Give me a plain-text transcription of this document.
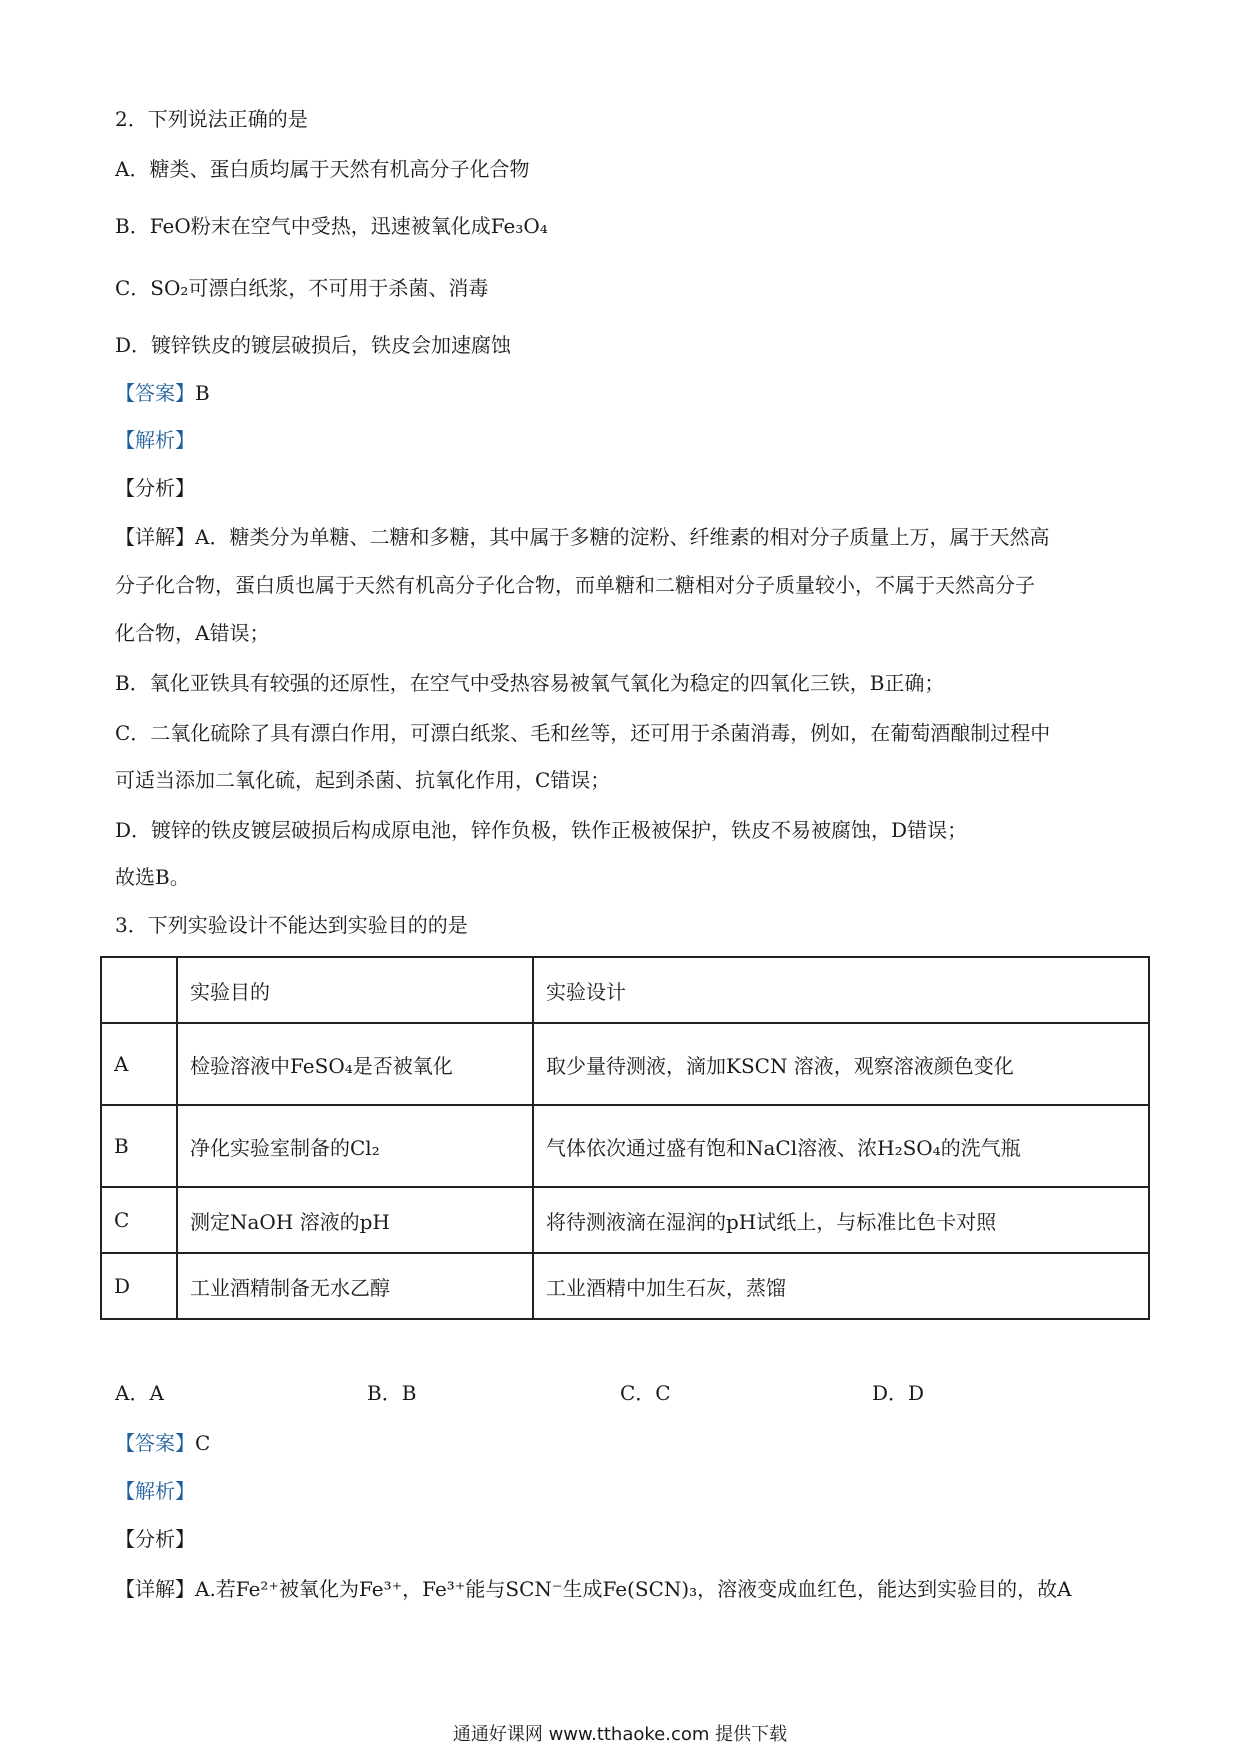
2．下列说法正确的是
A．糖类、蛋白质均属于天然有机高分子化合物
B．FeO粉末在空气中受热，迅速被氧化成Fe₃O₄
C．SO₂可漂白纸浆，不可用于杀菌、消毒
D．镀锌铁皮的镀层破损后，铁皮会加速腐蚀
【答案】B
【解析】
【分析】
【详解】A．糖类分为单糖、二糖和多糖，其中属于多糖的淀粉、纤维素的相对分子质量上万，属于天然高
分子化合物，蛋白质也属于天然有机高分子化合物，而单糖和二糖相对分子质量较小，不属于天然高分子
化合物，A错误；
B．氧化亚铁具有较强的还原性，在空气中受热容易被氧气氧化为稳定的四氧化三铁，B正确；
C．二氧化硫除了具有漂白作用，可漂白纸浆、毛和丝等，还可用于杀菌消毒，例如，在葡萄酒酿制过程中
可适当添加二氧化硫，起到杀菌、抗氧化作用，C错误；
D．镀锌的铁皮镀层破损后构成原电池，锌作负极，铁作正极被保护，铁皮不易被腐蚀，D错误；
故选B。
3．下列实验设计不能达到实验目的的是
	实验目的	实验设计
A	检验溶液中FeSO₄是否被氧化	取少量待测液，滴加KSCN 溶液，观察溶液颜色变化
B	净化实验室制备的Cl₂	气体依次通过盛有饱和NaCl溶液、浓H₂SO₄的洗气瓶
C	测定NaOH 溶液的pH	将待测液滴在湿润的pH试纸上，与标准比色卡对照
D	工业酒精制备无水乙醇	工业酒精中加生石灰，蒸馏
A．A	B．B	C．C	D．D
【答案】C
【解析】
【分析】
【详解】A.若Fe²⁺被氧化为Fe³⁺，Fe³⁺能与SCN⁻生成Fe(SCN)₃，溶液变成血红色，能达到实验目的，故A
通通好课网 www.tthaoke.com 提供下载
